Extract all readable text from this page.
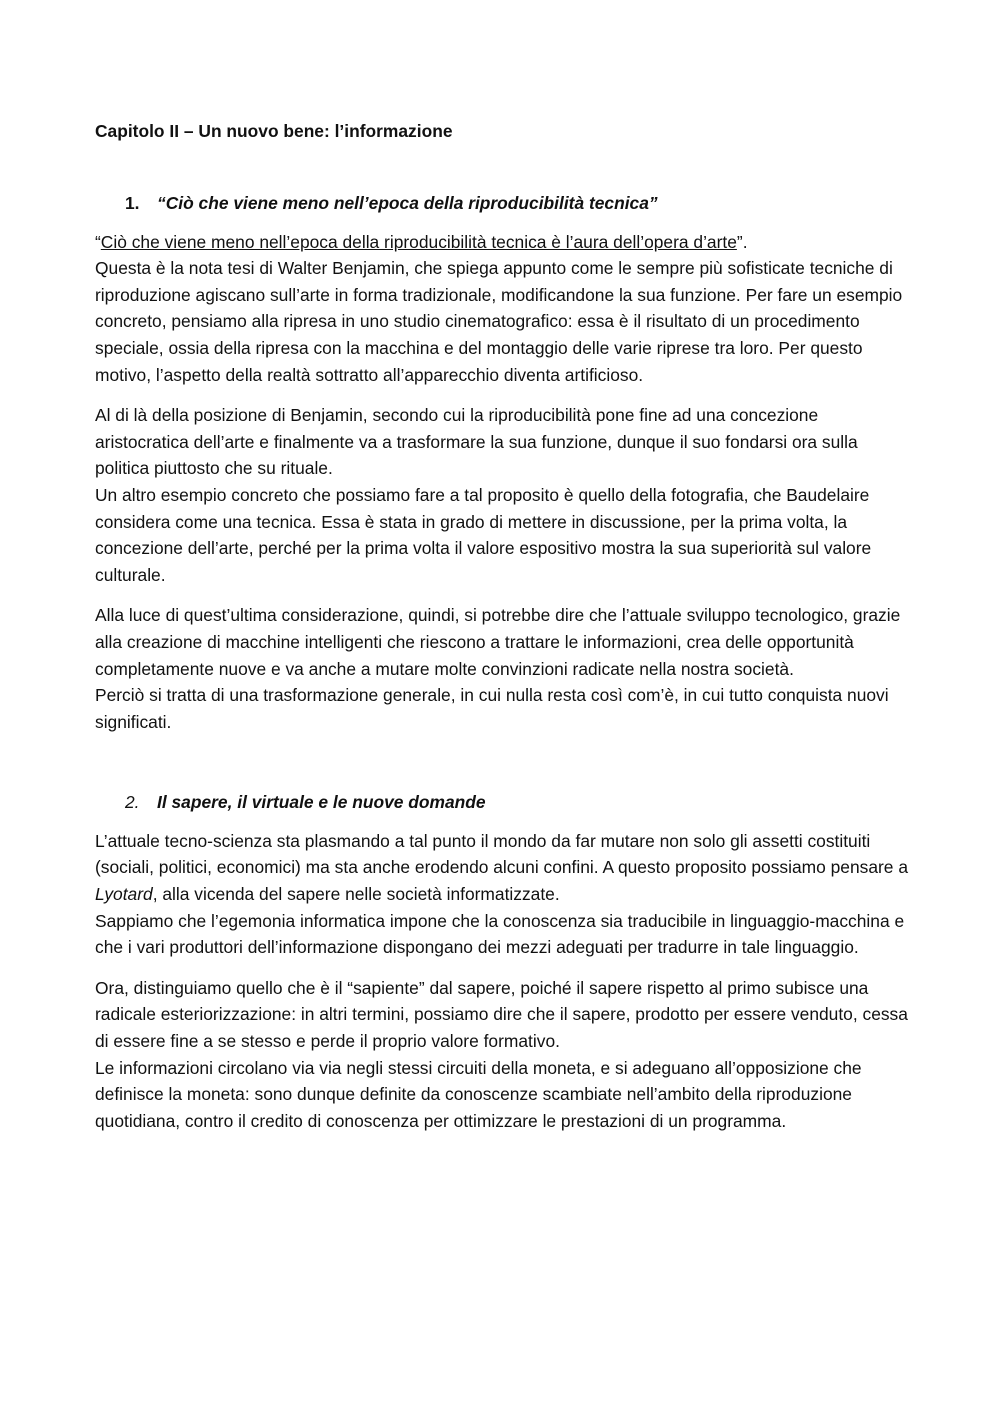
Capitolo II – Un nuovo bene: l’informazione
1.	“Ciò che viene meno nell’epoca della riproducibilità tecnica”

“Ciò che viene meno nell’epoca della riproducibilità tecnica è l’aura dell’opera d’arte”.
Questa è la nota tesi di Walter Benjamin, che spiega appunto come le sempre più sofisticate tecniche di riproduzione agiscano sull’arte in forma tradizionale, modificandone la sua funzione. Per fare un esempio concreto, pensiamo alla ripresa in uno studio cinematografico: essa è il risultato di un procedimento speciale, ossia della ripresa con la macchina e del montaggio delle varie riprese tra loro. Per questo motivo, l’aspetto della realtà sottratto all’apparecchio diventa artificioso.

Al di là della posizione di Benjamin, secondo cui la riproducibilità pone fine ad una concezione aristocratica dell’arte e finalmente va a trasformare la sua funzione, dunque il suo fondarsi ora sulla politica piuttosto che su rituale.
Un altro esempio concreto che possiamo fare a tal proposito è quello della fotografia, che Baudelaire considera come una tecnica. Essa è stata in grado di mettere in discussione, per la prima volta, la concezione dell’arte, perché per la prima volta il valore espositivo mostra la sua superiorità sul valore culturale.

Alla luce di quest’ultima considerazione, quindi, si potrebbe dire che l’attuale sviluppo tecnologico, grazie alla creazione di macchine intelligenti che riescono a trattare le informazioni, crea delle opportunità completamente nuove e va anche a mutare molte convinzioni radicate nella nostra società.
Perciò si tratta di una trasformazione generale, in cui nulla resta così com’è, in cui tutto conquista nuovi significati.

2.	Il sapere, il virtuale e le nuove domande

L’attuale tecno-scienza sta plasmando a tal punto il mondo da far mutare non solo gli assetti costituiti (sociali, politici, economici) ma sta anche erodendo alcuni confini. A questo proposito possiamo pensare a Lyotard, alla vicenda del sapere nelle società informatizzate.
Sappiamo che l’egemonia informatica impone che la conoscenza sia traducibile in linguaggio-macchina e che i vari produttori dell’informazione dispongano dei mezzi adeguati per tradurre in tale linguaggio.

Ora, distinguiamo quello che è il “sapiente” dal sapere, poiché il sapere rispetto al primo subisce una radicale esteriorizzazione: in altri termini, possiamo dire che il sapere, prodotto per essere venduto, cessa di essere fine a se stesso e perde il proprio valore formativo.
Le informazioni circolano via via negli stessi circuiti della moneta, e si adeguano all’opposizione che definisce la moneta: sono dunque definite da conoscenze scambiate nell’ambito della riproduzione quotidiana, contro il credito di conoscenza per ottimizzare le prestazioni di un programma.
